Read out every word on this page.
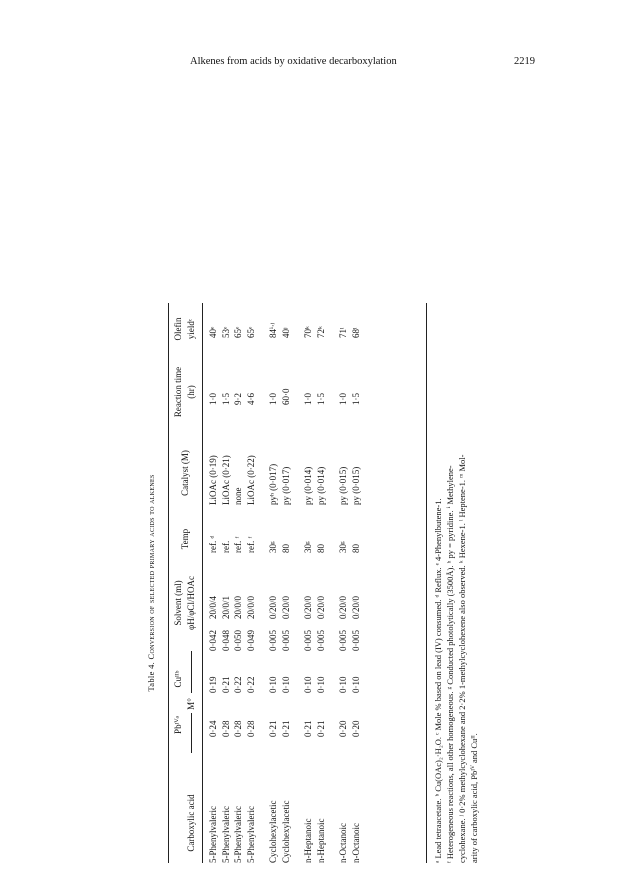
Alkenes from acids by oxidative decarboxylation	2219
Table 4. Conversion of selected primary acids to alkenes
Carboxylic acid
Pbᴵⱽᵃ
Cuᴵᴵᵇ
M°
Solvent (ml) φH/φCl/HOAc
Temp
Catalyst (M)
Reaction time (hr)
Olefin yieldᶜ
5-Phenylvaleric
0·24
0·19
0·042
20/0/4
ref. ᵈ
LiOAc (0·19)
1·0
40ᵉ
5-Phenylvaleric
0·28
0·21
0·048
20/0/1
ref.
LiOAc (0·21)
1·5
53ᵉ
5-Phenylvaleric
0·28
0·22
0·050
20/0/0
ref. ᶠ
none
9·2
65ᵉ
5-Phenylvaleric
0·28
0·22
0·049
20/0/0
ref. ᶠ
LiOAc (0·22)
4·6
65ᵉ
Cyclohexylacetic
0·21
0·10
0·005
0/20/0
30ᵍ
pyʰ (0·017)
1·0
84ⁱ·ʲ
Cyclohexylacetic
0·21
0·10
0·005
0/20/0
80
py (0·017)
60·0
40ʲ
n-Heptanoic
0·21
0·10
0·005
0/20/0
30ᵍ
py (0·014)
1·0
70ᵏ
n-Heptanoic
0·21
0·10
0·005
0/20/0
80
py (0·014)
1·5
72ᵏ
n-Octanoic
0·20
0·10
0·005
0/20/0
30ᵍ
py (0·015)
1·0
71ˡ
n-Octanoic
0·20
0·10
0·005
0/20/0
80
py (0·015)
1·5
68ˡ
ᵃ Lead tetraacetate. ᵇ Cu(OAc)₂·H₂O. ᶜ Mole % based on lead (IV) consumed. ᵈ Reflux. ᵉ 4-Phenylbutene-1. ᶠ Heterogeneous reactions, all other homogeneous. ᵍ Conducted photolytically (3500Å). ʰ py = pyridine. ⁱ Methylene- cyclohexane. ʲ 0·2% methylcyclohexane and 2·2% 1-methylcyclohexene also observed. ᵏ Hexene-1. ˡ Heptene-1. ᵐ Mol- arity of carboxylic acid, Pbᴵⱽ and Cuᴵᴵ.
